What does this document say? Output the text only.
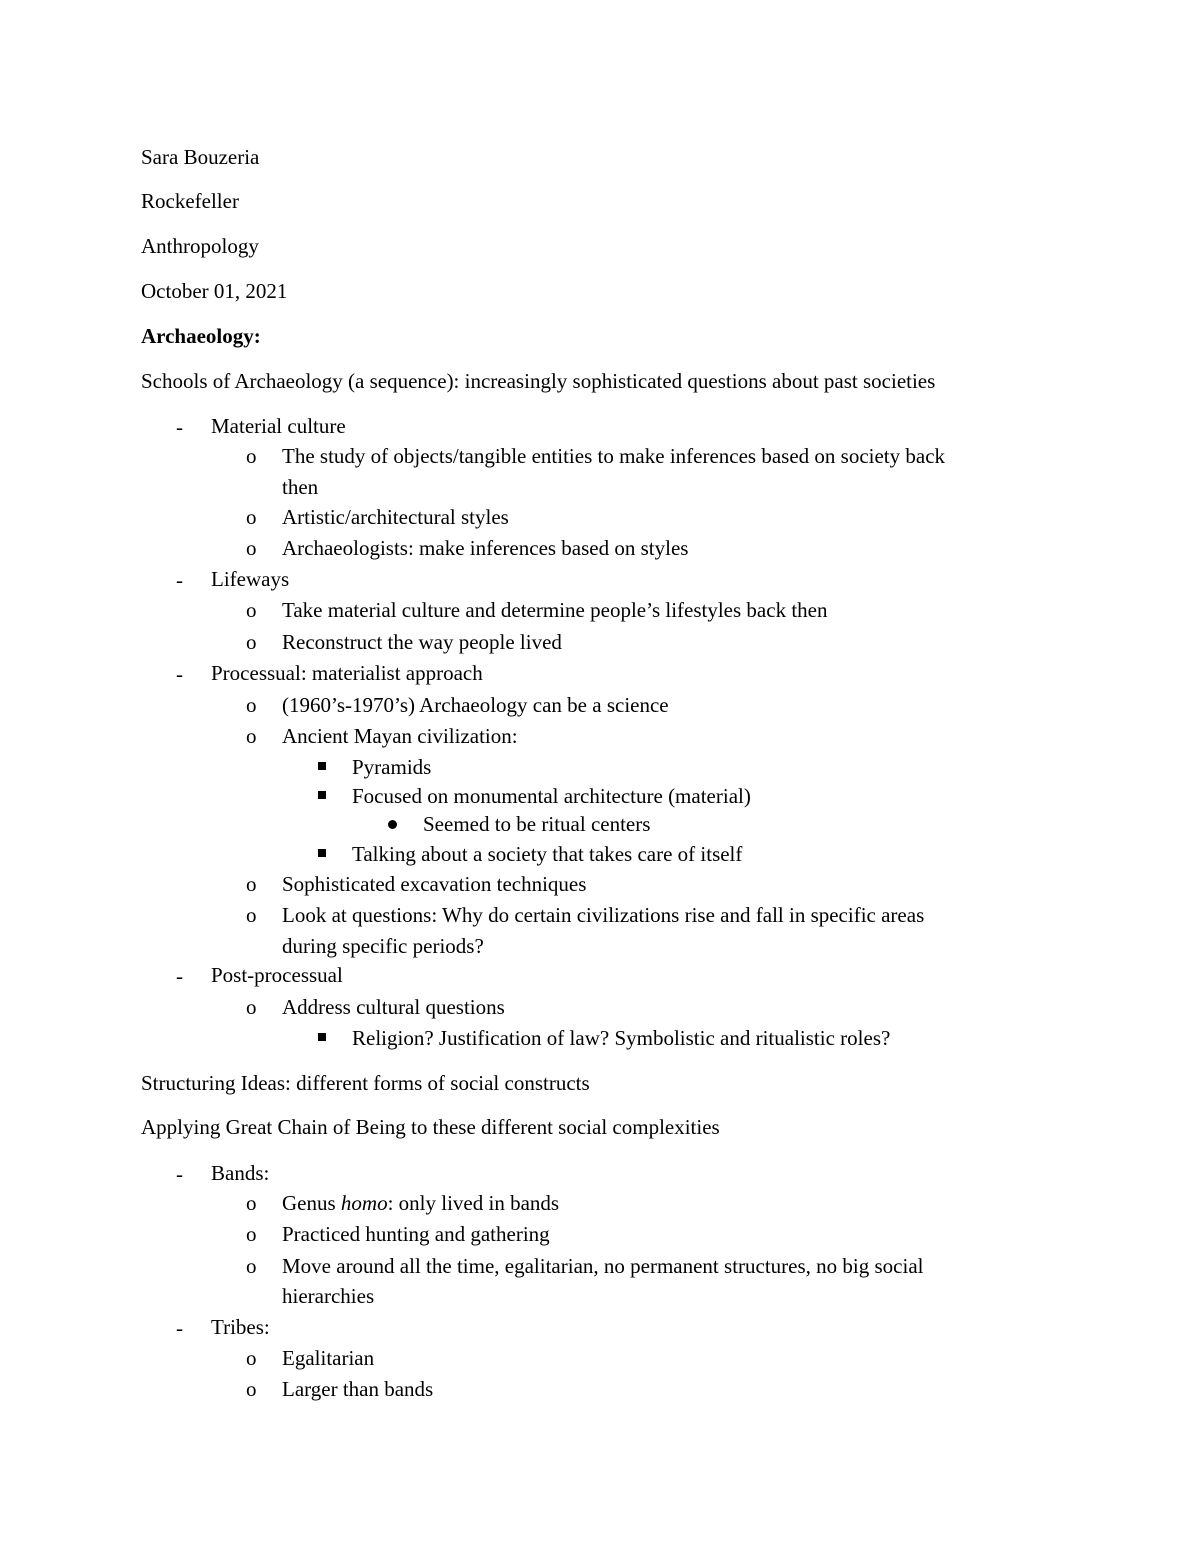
Sara Bouzeria
Rockefeller
Anthropology
October 01, 2021
Archaeology:
Schools of Archaeology (a sequence): increasingly sophisticated questions about past societies
- Material culture
o The study of objects/tangible entities to make inferences based on society back
then
o Artistic/architectural styles
o Archaeologists: make inferences based on styles
- Lifeways
o Take material culture and determine people’s lifestyles back then
o Reconstruct the way people lived
- Processual: materialist approach
o (1960’s-1970’s) Archaeology can be a science
o Ancient Mayan civilization:
Pyramids
Focused on monumental architecture (material)
Seemed to be ritual centers
Talking about a society that takes care of itself
o Sophisticated excavation techniques
o Look at questions: Why do certain civilizations rise and fall in specific areas
during specific periods?
- Post-processual
o Address cultural questions
Religion? Justification of law? Symbolistic and ritualistic roles?
Structuring Ideas: different forms of social constructs
Applying Great Chain of Being to these different social complexities
- Bands:
o Genus homo: only lived in bands
o Practiced hunting and gathering
o Move around all the time, egalitarian, no permanent structures, no big social
hierarchies
- Tribes:
o Egalitarian
o Larger than bands
